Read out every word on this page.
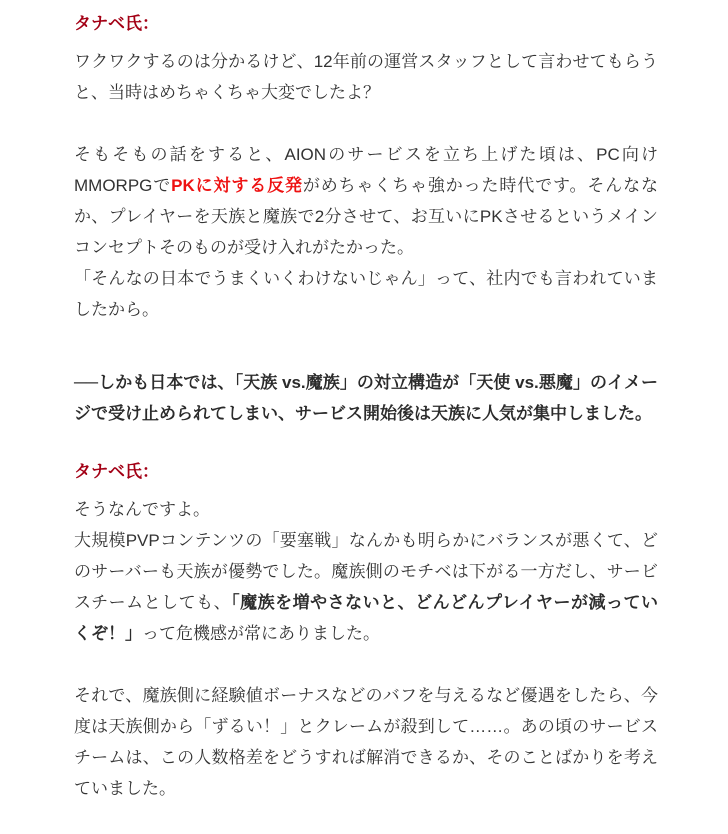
タナベ氏：

ワクワクするのは分かるけど、12年前の運営スタッフとして言わせてもらうと、当時はめちゃくちゃ大変でしたよ？

そもそもの話をすると、AIONのサービスを立ち上げた頃は、PC向けMMORPGでPKに対する反発がめちゃくちゃ強かった時代です。そんななか、プレイヤーを天族と魔族で2分させて、お互いにPKさせるというメインコンセプトそのものが受け入れがたかった。
「そんなの日本でうまくいくわけないじゃん」って、社内でも言われていましたから。

──しかも日本では、「天族 vs.魔族」の対立構造が「天使 vs.悪魔」のイメージで受け止められてしまい、サービス開始後は天族に人気が集中しました。

タナベ氏：

そうなんですよ。
大規模PVPコンテンツの「要塞戦」なんかも明らかにバランスが悪くて、どのサーバーも天族が優勢でした。魔族側のモチベは下がる一方だし、サービスチームとしても、「魔族を増やさないと、どんどんプレイヤーが減っていくぞ！」って危機感が常にありました。

それで、魔族側に経験値ボーナスなどのバフを与えるなど優遇をしたら、今度は天族側から「ずるい！」とクレームが殺到して……。あの頃のサービスチームは、この人数格差をどうすれば解消できるか、そのことばかりを考えていました。
